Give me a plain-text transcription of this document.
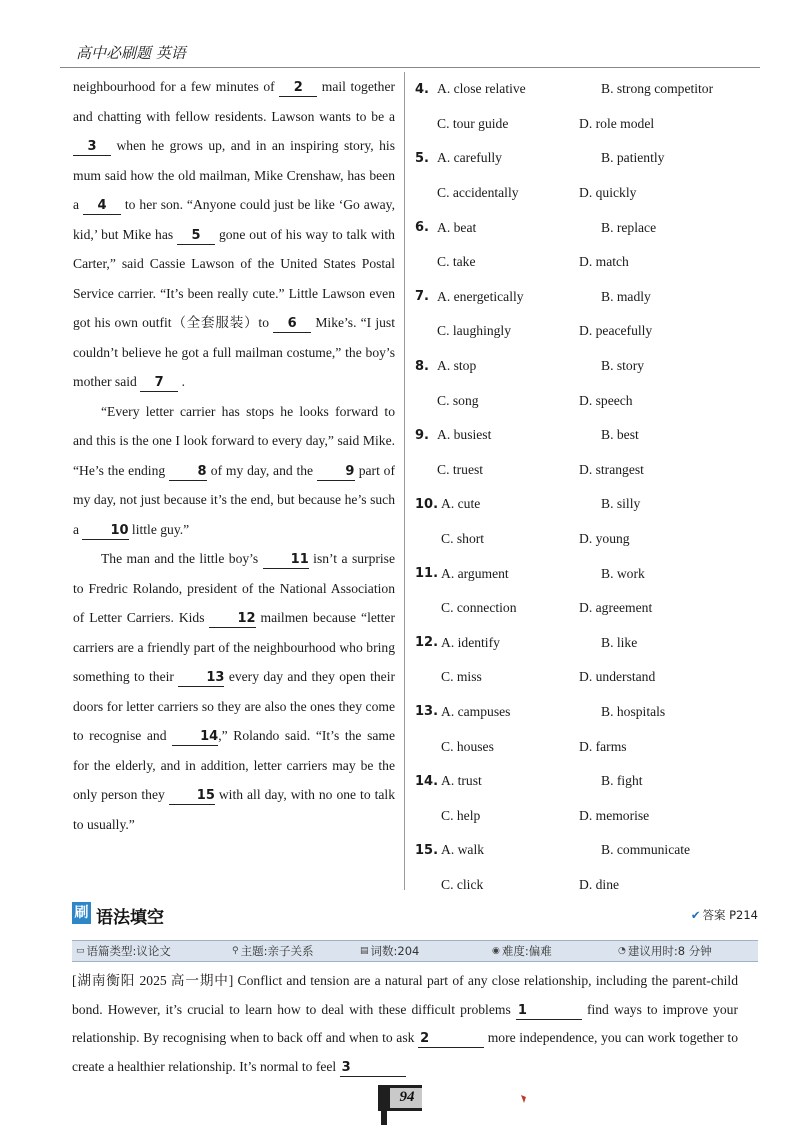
高中必刷题 英语

neighbourhood for a few minutes of 2 mail together and chatting with fellow residents. Lawson wants to be a 3 when he grows up, and in an inspiring story, his mum said how the old mailman, Mike Crenshaw, has been a 4 to her son. “Anyone could just be like ‘Go away, kid,’ but Mike has 5 gone out of his way to talk with Carter,” said Cassie Lawson of the United States Postal Service carrier. “It’s been really cute.” Little Lawson even got his own outfit（全套服装）to 6 Mike’s. “I just couldn’t believe he got a full mailman costume,” the boy’s mother said 7 .

“Every letter carrier has stops he looks forward to and this is the one I look forward to every day,” said Mike. “He’s the ending 8 of my day, and the 9 part of my day, not just because it’s the end, but because he’s such a 10 little guy.”

The man and the little boy’s 11 isn’t a surprise to Fredric Rolando, president of the National Association of Letter Carriers. Kids 12 mailmen because “letter carriers are a friendly part of the neighbourhood who bring something to their 13 every day and they open their doors for letter carriers so they are also the ones they come to recognise and 14,” Rolando said. “It’s the same for the elderly, and in addition, letter carriers may be the only person they 15 with all day, with no one to talk to usually.”

4. A. close relative	B. strong competitor
C. tour guide	D. role model
5. A. carefully	B. patiently
C. accidentally	D. quickly
6. A. beat	B. replace
C. take	D. match
7. A. energetically	B. madly
C. laughingly	D. peacefully
8. A. stop	B. story
C. song	D. speech
9. A. busiest	B. best
C. truest	D. strangest
10. A. cute	B. silly
C. short	D. young
11. A. argument	B. work
C. connection	D. agreement
12. A. identify	B. like
C. miss	D. understand
13. A. campuses	B. hospitals
C. houses	D. farms
14. A. trust	B. fight
C. help	D. memorise
15. A. walk	B. communicate
C. click	D. dine
刷 语法填空	✔ 答案 P214
▭ 语篇类型:议论文	⚲ 主题:亲子关系	▤ 词数:204	◉ 难度:偏难	◔ 建议用时:8 分钟
[湖南衡阳 2025 高一期中] Conflict and tension are a natural part of any close relationship, including the parent-child bond. However, it’s crucial to learn how to deal with these difficult problems 1	find ways to improve your relationship. By recognising when to back off and when to ask 2	more independence, you can work together to create a healthier relationship. It’s normal to feel 3
94
